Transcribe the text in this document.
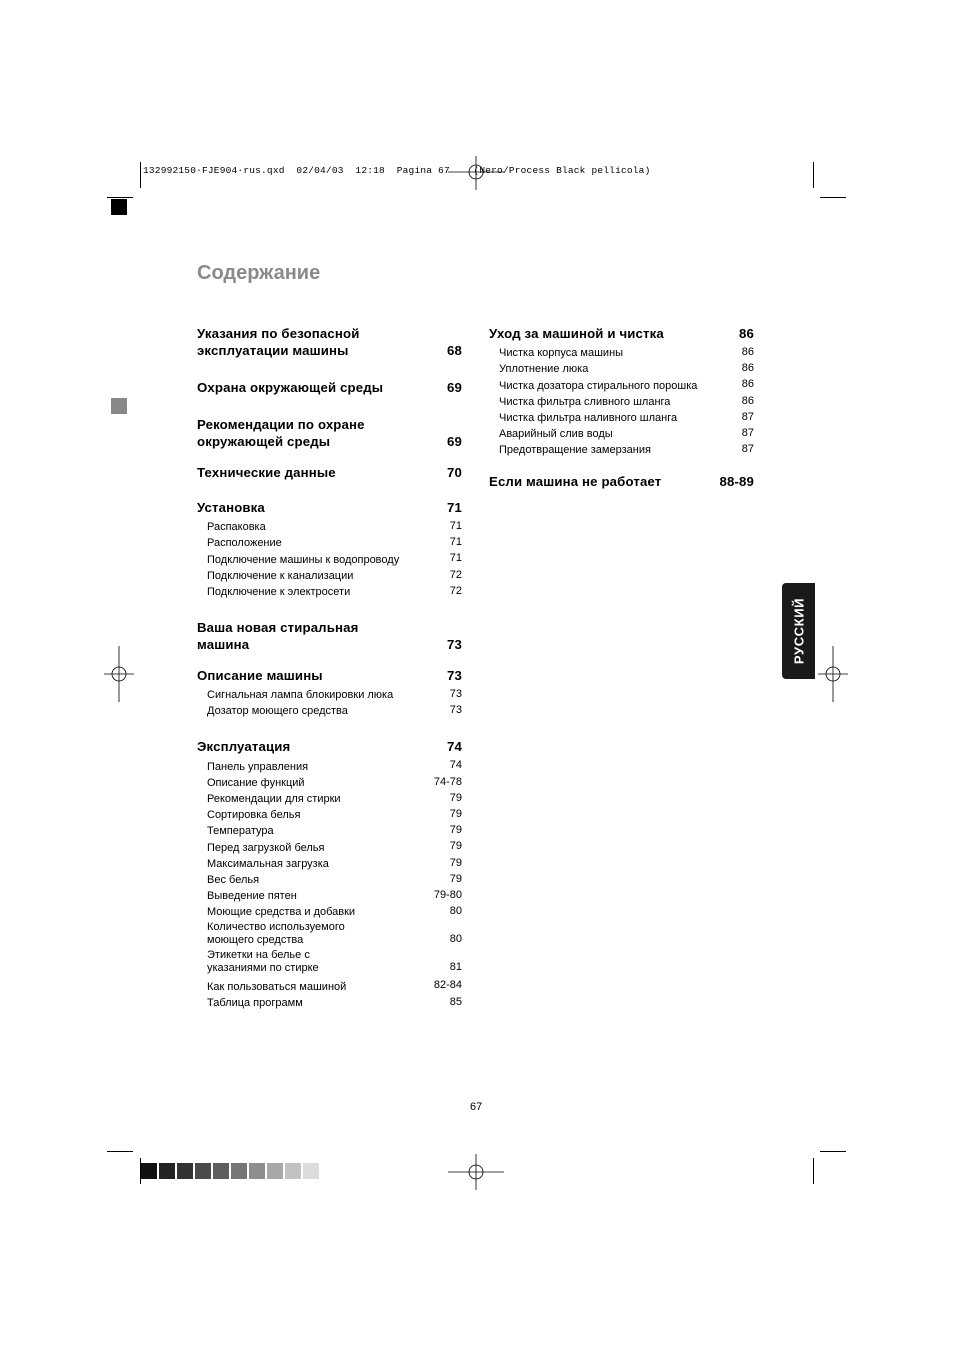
132992150·FJE904·rus.qxd  02/04/03  12:18  Pagina 67    (Nero/Process Black pellicola)
Содержание
Указания по безопасной
эксплуатации машины	68
Охрана окружающей среды	69
Рекомендации по охране
окружающей среды	69
Технические данные	70
Установка	71
Распаковка	71
Расположение	71
Подключение машины к водопроводу	71
Подключение к канализации	72
Подключение к электросети	72
Ваша новая стиральная
машина	73
Описание машины	73
Сигнальная лампа блокировки люка	73
Дозатор моющего средства	73
Эксплуатация	74
Панель управления	74
Описание функций	74-78
Рекомендации для стирки	79
Сортировка белья	79
Температура	79
Перед загрузкой белья	79
Максимальная загрузка	79
Вес белья	79
Выведение пятен	79-80
Моющие средства и добавки	80
Количество используемого
моющего средства	80
Этикетки на белье с
указаниями по стирке	81
Как пользоваться машиной	82-84
Таблица программ	85
Уход за машиной и чистка	86
Чистка корпуса машины	86
Уплотнение люка	86
Чистка дозатора стирального порошка	86
Чистка фильтра сливного шланга	86
Чистка фильтра наливного шланга	87
Аварийный слив воды	87
Предотвращение замерзания	87
Если машина не работает	88-89
РУССКИЙ
67
